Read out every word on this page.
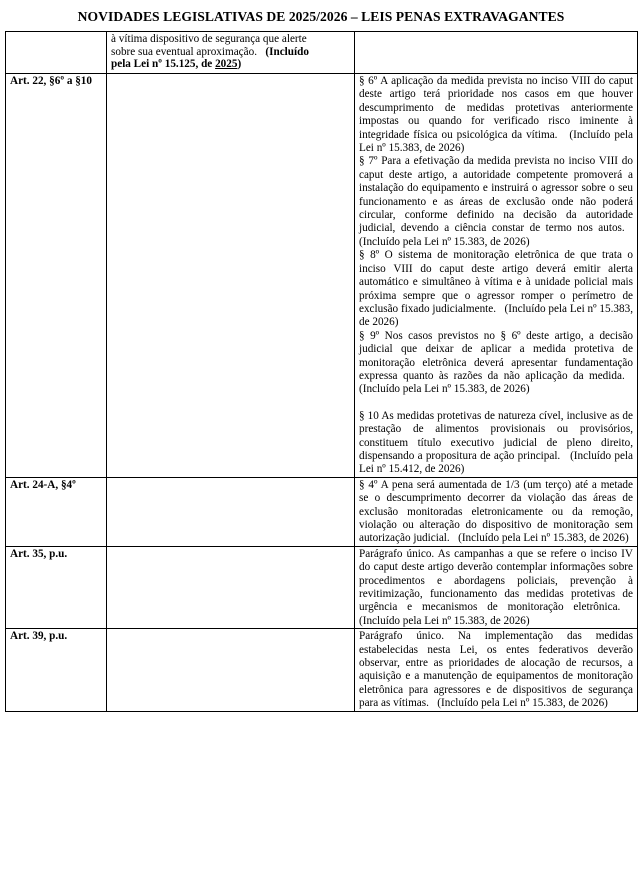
NOVIDADES LEGISLATIVAS DE 2025/2026 – LEIS PENAS EXTRAVAGANTES
	à vítima dispositivo de segurança que alerte
sobre sua eventual aproximação. (Incluído
pela Lei nº 15.125, de 2025)	
Art. 22, §6º a §10		§ 6º A aplicação da medida prevista no inciso VIII do caput deste artigo terá prioridade nos casos em que houver descumprimento de medidas protetivas anteriormente impostas ou quando for verificado risco iminente à integridade física ou psicológica da vítima. (Incluído pela Lei nº 15.383, de 2026)
§ 7º Para a efetivação da medida prevista no inciso VIII do caput deste artigo, a autoridade competente promoverá a instalação do equipamento e instruirá o agressor sobre o seu funcionamento e as áreas de exclusão onde não poderá circular, conforme definido na decisão da autoridade judicial, devendo a ciência constar de termo nos autos.   (Incluído pela Lei nº 15.383, de 2026)
§ 8º O sistema de monitoração eletrônica de que trata o inciso VIII do caput deste artigo deverá emitir alerta automático e simultâneo à vítima e à unidade policial mais próxima sempre que o agressor romper o perímetro de exclusão fixado judicialmente. (Incluído pela Lei nº 15.383, de 2026)
§ 9º Nos casos previstos no § 6º deste artigo, a decisão judicial que deixar de aplicar a medida protetiva de monitoração eletrônica deverá apresentar fundamentação expressa quanto às razões da não aplicação da medida.   (Incluído pela Lei nº 15.383, de 2026)
§ 10 As medidas protetivas de natureza cível, inclusive as de prestação de alimentos provisionais ou provisórios, constituem título executivo judicial de pleno direito, dispensando a propositura de ação principal. (Incluído pela Lei nº 15.412, de 2026)

Art. 24-A, §4º		§ 4º A pena será aumentada de 1/3 (um terço) até a metade se o descumprimento decorrer da violação das áreas de exclusão monitoradas eletronicamente ou da remoção, violação ou alteração do dispositivo de monitoração sem autorização judicial. (Incluído pela Lei nº 15.383, de 2026)

Art. 35, p.u.		Parágrafo único. As campanhas a que se refere o inciso IV do caput deste artigo deverão contemplar informações sobre procedimentos e abordagens policiais, prevenção à revitimização, funcionamento das medidas protetivas de urgência e mecanismos de monitoração eletrônica.   (Incluído pela Lei nº 15.383, de 2026)

Art. 39, p.u.		Parágrafo único. Na implementação das medidas estabelecidas nesta Lei, os entes federativos deverão observar, entre as prioridades de alocação de recursos, a aquisição e a manutenção de equipamentos de monitoração eletrônica para agressores e de dispositivos de segurança para as vítimas. (Incluído pela Lei nº 15.383, de 2026)
